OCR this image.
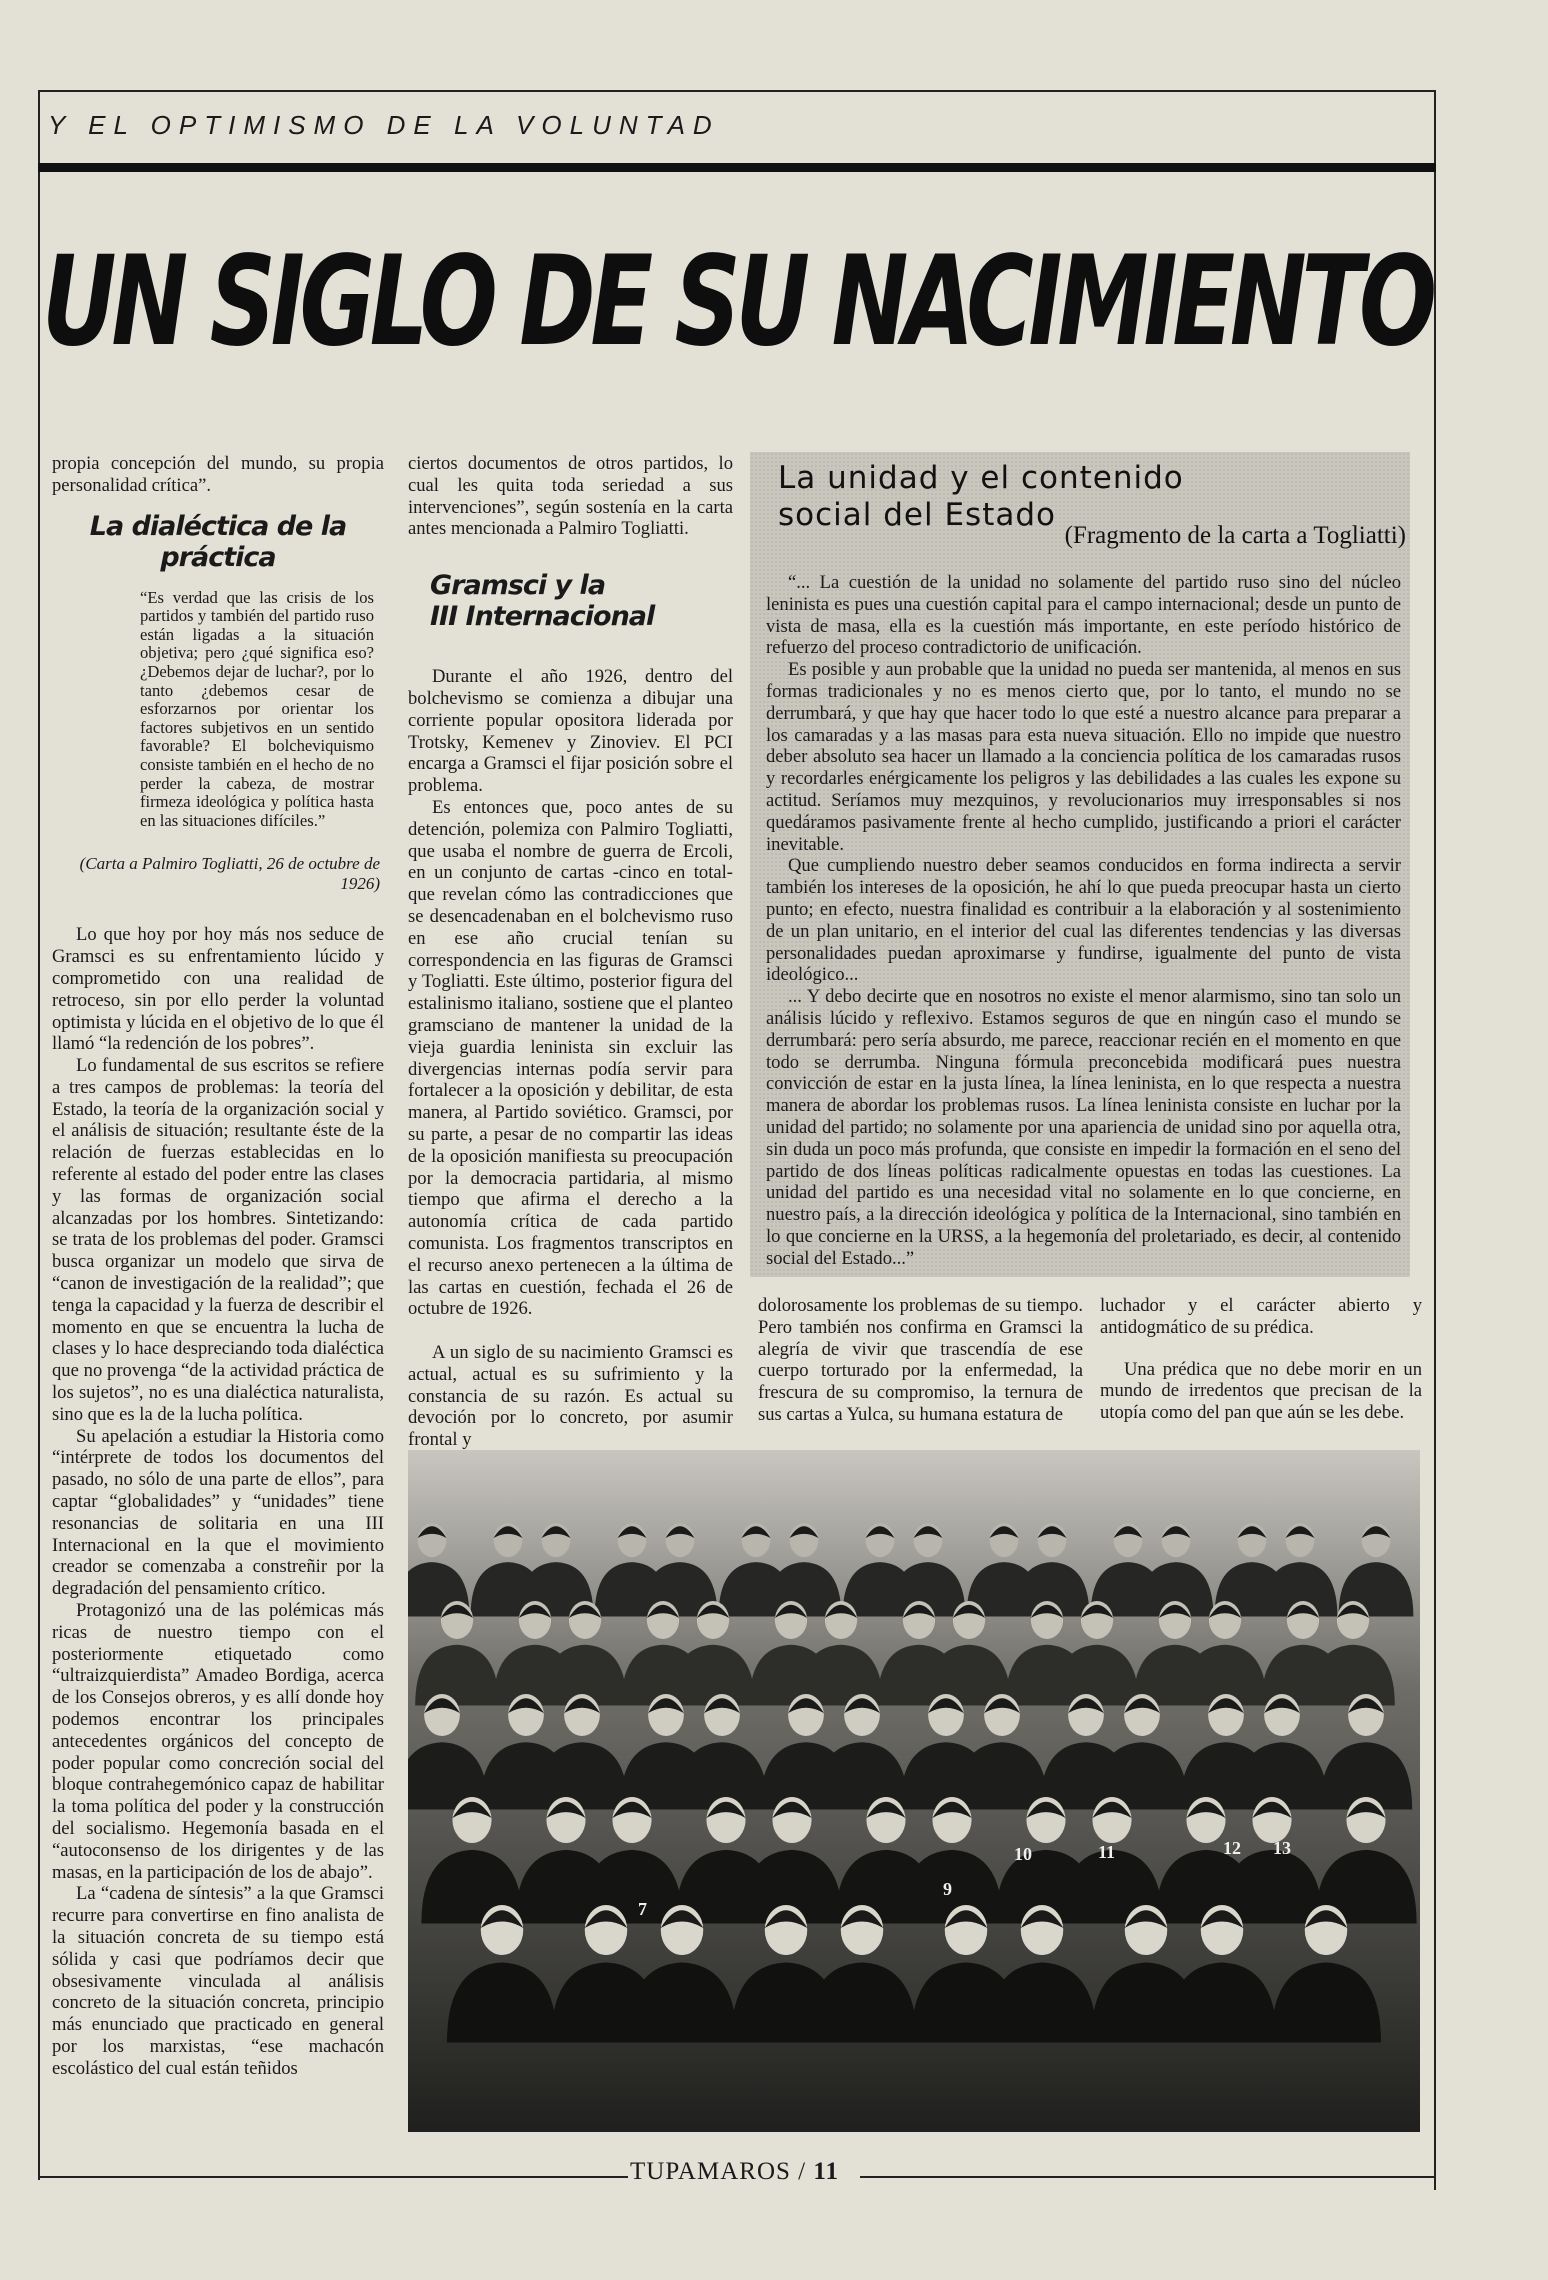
Y EL OPTIMISMO DE LA VOLUNTAD
UN SIGLO DE SU NACIMIENTO

propia concepción del mundo, su propia personalidad crítica”.

La dialéctica de la práctica
“Es verdad que las crisis de los partidos y también del partido ruso están ligadas a la situación objetiva; pero ¿qué significa eso? ¿Debemos dejar de luchar?, por lo tanto ¿debemos cesar de esforzarnos por orientar los factores subjetivos en un sentido favorable? El bolcheviquismo consiste también en el hecho de no perder la cabeza, de mostrar firmeza ideológica y política hasta en las situaciones difíciles.”
(Carta a Palmiro Togliatti, 26 de octubre de 1926)

Lo que hoy por hoy más nos seduce de Gramsci es su enfrentamiento lúcido y comprometido con una realidad de retroceso, sin por ello perder la voluntad optimista y lúcida en el objetivo de lo que él llamó “la redención de los pobres”.

Lo fundamental de sus escritos se refiere a tres campos de problemas: la teoría del Estado, la teoría de la organización social y el análisis de situación; resultante éste de la relación de fuerzas establecidas en lo referente al estado del poder entre las clases y las formas de organización social alcanzadas por los hombres. Sintetizando: se trata de los problemas del poder. Gramsci busca organizar un modelo que sirva de “canon de investigación de la realidad”; que tenga la capacidad y la fuerza de describir el momento en que se encuentra la lucha de clases y lo hace despreciando toda dialéctica que no provenga “de la actividad práctica de los sujetos”, no es una dialéctica naturalista, sino que es la de la lucha política.

Su apelación a estudiar la Historia como “intérprete de todos los documentos del pasado, no sólo de una parte de ellos”, para captar “globalidades” y “unidades” tiene resonancias de solitaria en una III Internacional en la que el movimiento creador se comenzaba a constreñir por la degradación del pensamiento crítico.

Protagonizó una de las polémicas más ricas de nuestro tiempo con el posteriormente etiquetado como “ultraizquierdista” Amadeo Bordiga, acerca de los Consejos obreros, y es allí donde hoy podemos encontrar los principales antecedentes orgánicos del concepto de poder popular como concreción social del bloque contrahegemónico capaz de habilitar la toma política del poder y la construcción del socialismo. Hegemonía basada en el “autoconsenso de los dirigentes y de las masas, en la participación de los de abajo”.

La “cadena de síntesis” a la que Gramsci recurre para convertirse en fino analista de la situación concreta de su tiempo está sólida y casi que podríamos decir que obsesivamente vinculada al análisis concreto de la situación concreta, principio más enunciado que practicado en general por los marxistas, “ese machacón escolástico del cual están teñidos

ciertos documentos de otros partidos, lo cual les quita toda seriedad a sus intervenciones”, según sostenía en la carta antes mencionada a Palmiro Togliatti.

Gramsci y la
III Internacional

Durante el año 1926, dentro del bolchevismo se comienza a dibujar una corriente popular opositora liderada por Trotsky, Kemenev y Zinoviev. El PCI encarga a Gramsci el fijar posición sobre el problema.

Es entonces que, poco antes de su detención, polemiza con Palmiro Togliatti, que usaba el nombre de guerra de Ercoli, en un conjunto de cartas -cinco en total- que revelan cómo las contradicciones que se desencadenaban en el bolchevismo ruso en ese año crucial tenían su correspondencia en las figuras de Gramsci y Togliatti. Este último, posterior figura del estalinismo italiano, sostiene que el planteo gramsciano de mantener la unidad de la vieja guardia leninista sin excluir las divergencias internas podía servir para fortalecer a la oposición y debilitar, de esta manera, al Partido soviético. Gramsci, por su parte, a pesar de no compartir las ideas de la oposición manifiesta su preocupación por la democracia partidaria, al mismo tiempo que afirma el derecho a la autonomía crítica de cada partido comunista. Los fragmentos transcriptos en el recurso anexo pertenecen a la última de las cartas en cuestión, fechada el 26 de octubre de 1926.

A un siglo de su nacimiento Gramsci es actual, actual es su sufrimiento y la constancia de su razón. Es actual su devoción por lo concreto, por asumir frontal y

La unidad y el contenido
social del Estado
(Fragmento de la carta a Togliatti)

“... La cuestión de la unidad no solamente del partido ruso sino del núcleo leninista es pues una cuestión capital para el campo internacional; desde un punto de vista de masa, ella es la cuestión más importante, en este período histórico de refuerzo del proceso contradictorio de unificación.

Es posible y aun probable que la unidad no pueda ser mantenida, al menos en sus formas tradicionales y no es menos cierto que, por lo tanto, el mundo no se derrumbará, y que hay que hacer todo lo que esté a nuestro alcance para preparar a los camaradas y a las masas para esta nueva situación. Ello no impide que nuestro deber absoluto sea hacer un llamado a la conciencia política de los camaradas rusos y recordarles enérgicamente los peligros y las debilidades a las cuales les expone su actitud. Seríamos muy mezquinos, y revolucionarios muy irresponsables si nos quedáramos pasivamente frente al hecho cumplido, justificando a priori el carácter inevitable.

Que cumpliendo nuestro deber seamos conducidos en forma indirecta a servir también los intereses de la oposición, he ahí lo que pueda preocupar hasta un cierto punto; en efecto, nuestra finalidad es contribuir a la elaboración y al sostenimiento de un plan unitario, en el interior del cual las diferentes tendencias y las diversas personalidades puedan aproximarse y fundirse, igualmente del punto de vista ideológico...

... Y debo decirte que en nosotros no existe el menor alarmismo, sino tan solo un análisis lúcido y reflexivo. Estamos seguros de que en ningún caso el mundo se derrumbará: pero sería absurdo, me parece, reaccionar recién en el momento en que todo se derrumba. Ninguna fórmula preconcebida modificará pues nuestra convicción de estar en la justa línea, la línea leninista, en lo que respecta a nuestra manera de abordar los problemas rusos. La línea leninista consiste en luchar por la unidad del partido; no solamente por una apariencia de unidad sino por aquella otra, sin duda un poco más profunda, que consiste en impedir la formación en el seno del partido de dos líneas políticas radicalmente opuestas en todas las cuestiones. La unidad del partido es una necesidad vital no solamente en lo que concierne, en nuestro país, a la dirección ideológica y política de la Internacional, sino también en lo que concierne en la URSS, a la hegemonía del proletariado, es decir, al contenido social del Estado...”

dolorosamente los problemas de su tiempo. Pero también nos confirma en Gramsci la alegría de vivir que trascendía de ese cuerpo torturado por la enfermedad, la frescura de su compromiso, la ternura de sus cartas a Yulca, su humana estatura de

luchador y el carácter abierto y antidogmático de su prédica.

Una prédica que no debe morir en un mundo de irredentos que precisan de la utopía como del pan que aún se les debe.

7
9
10	11	12 13
TUPAMAROS / 11
